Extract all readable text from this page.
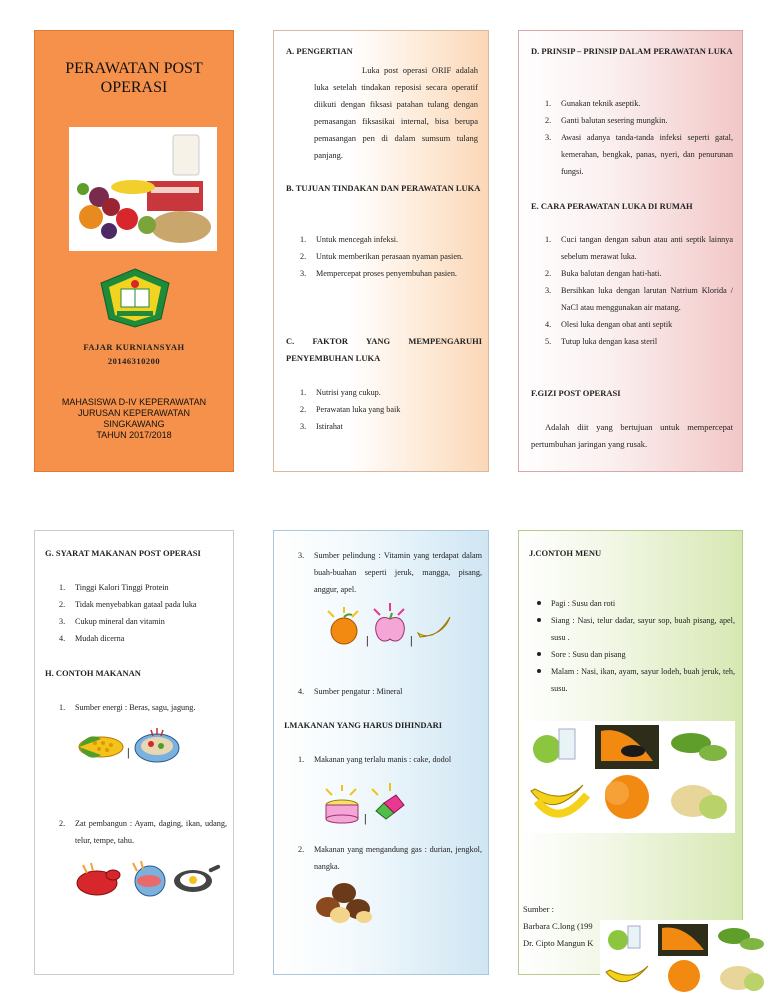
PERAWATAN POST OPERASI
FAJAR KURNIANSYAH
20146310200
MAHASISWA D-IV KEPERAWATAN
JURUSAN KEPERAWATAN
SINGKAWANG
TAHUN 2017/2018
A. PENGERTIAN
Luka post operasi ORIF adalah luka setelah tindakan reposisi secara operatif diikuti dengan fiksasi patahan tulang dengan pemasangan fiksasikai internal, bisa berupa pemasangan pen di dalam sumsum tulang panjang.
B. TUJUAN TINDAKAN DAN PERAWATAN LUKA
1. Untuk mencegah infeksi.
2. Untuk memberikan perasaan nyaman pasien.
3. Mempercepat proses penyembuhan pasien.
C. FAKTOR YANG MEMPENGARUHI PENYEMBUHAN LUKA
1. Nutrisi yang cukup.
2. Perawatan luka yang baik
3. Istirahat
D. PRINSIP – PRINSIP DALAM PERAWATAN LUKA
1. Gunakan teknik aseptik.
2. Ganti balutan sesering mungkin.
3. Awasi adanya tanda-tanda infeksi seperti gatal, kemerahan, bengkak, panas, nyeri, dan penurunan fungsi.
E. CARA PERAWATAN LUKA DI RUMAH
1. Cuci tangan dengan sabun atau anti septik lainnya sebelum merawat luka.
2. Buka balutan dengan hati-hati.
3. Bersihkan luka dengan larutan Natrium Klorida / NaCl atau menggunakan air matang.
4. Olesi luka dengan obat anti septik
5. Tutup luka dengan kasa steril
F.GIZI POST OPERASI
Adalah diit yang bertujuan untuk mempercepat pertumbuhan jaringan yang rusak.
G. SYARAT MAKANAN POST OPERASI
1. Tinggi Kalori Tinggi Protein
2. Tidak menyebabkan gataal pada luka
3. Cukup mineral dan vitamin
4. Mudah dicerna
H. CONTOH MAKANAN
1. Sumber energi : Beras, sagu, jagung.
|
2. Zat pembangun : Ayam, daging, ikan, udang, telur, tempe, tahu.
3. Sumber pelindung : Vitamin yang terdapat dalam buah-buahan seperti jeruk, mangga, pisang, anggur, apel.
|	|
4. Sumber pengatur : Mineral
I.MAKANAN YANG HARUS DIHINDARI
1. Makanan yang terlalu manis : cake, dodol
|
2. Makanan yang mengandung gas : durian, jengkol, nangka.
J.CONTOH MENU
Pagi : Susu dan roti
Siang : Nasi, telur dadar, sayur sop, buah pisang, apel, susu .
Sore : Susu dan pisang
Malam : Nasi, ikan, ayam, sayur lodeh, buah jeruk, teh, susu.
8 Buah Buahan Untuk Obat Penderita Sakit Maag
www.agarisgro.com
Sumber :
Barbara C.long (199
Dr. Cipto Mangun K
8 Buah Buahan Untuk Obat Penderita Sakit Maag
